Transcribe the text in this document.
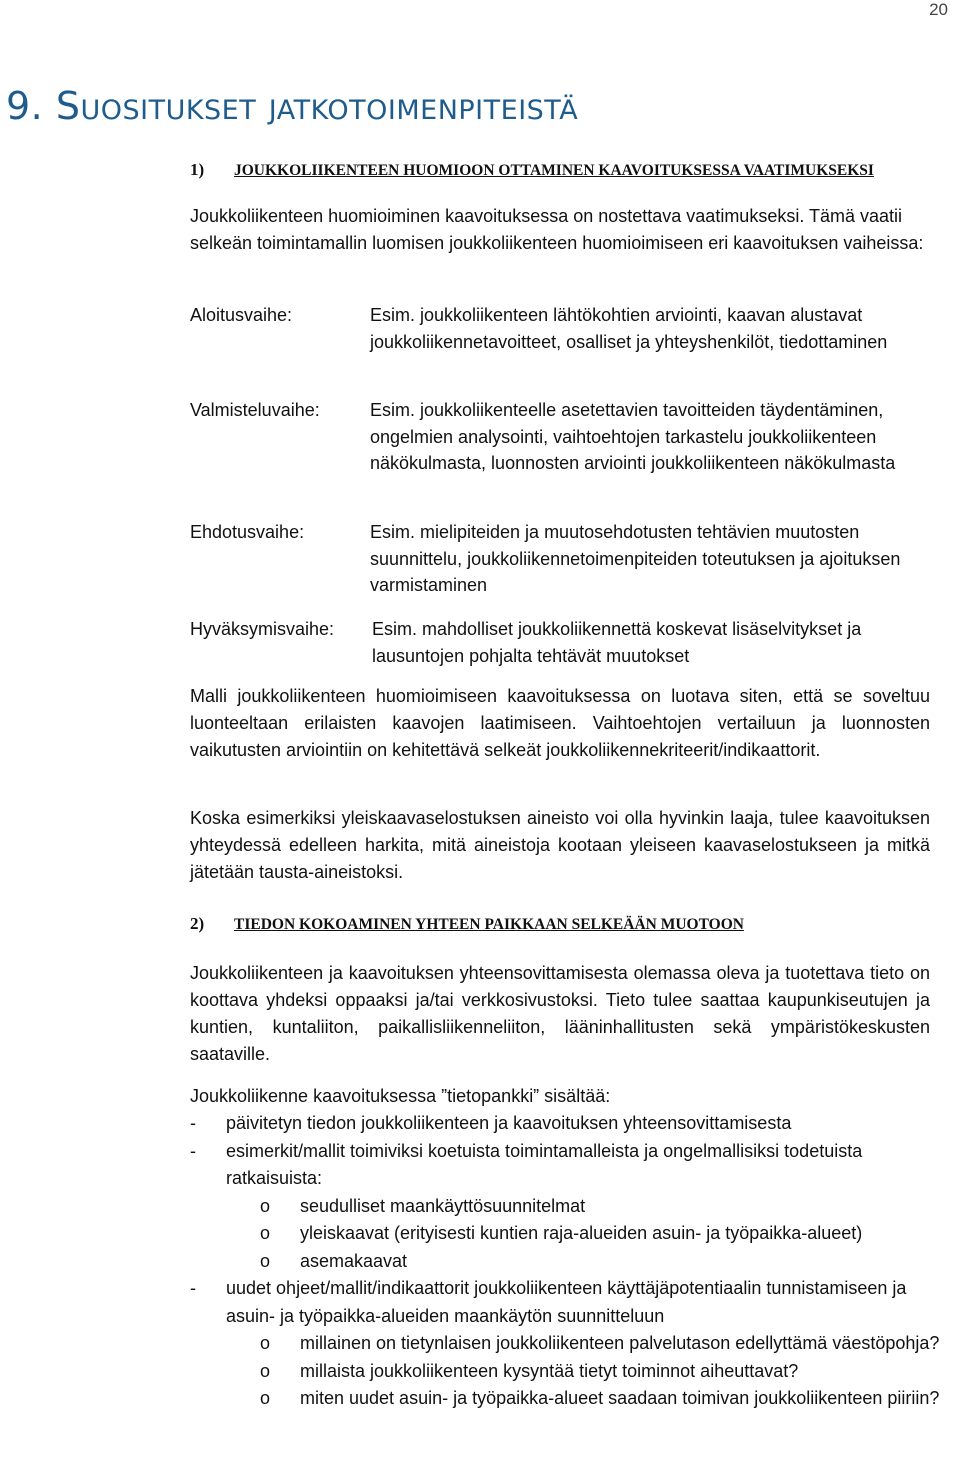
20
9. Suositukset jatkotoimenpiteistä
1) JOUKKOLIIKENTEEN HUOMIOON OTTAMINEN KAAVOITUKSESSA VAATIMUKSEKSI

Joukkoliikenteen huomioiminen kaavoituksessa on nostettava vaatimukseksi. Tämä vaatii selkeän toimintamallin luomisen joukkoliikenteen huomioimiseen eri kaavoituksen vaiheissa:

Aloitusvaihe:	Esim. joukkoliikenteen lähtökohtien arviointi, kaavan alustavat joukkoliikennetavoitteet, osalliset ja yhteyshenkilöt, tiedottaminen
Valmisteluvaihe:	Esim. joukkoliikenteelle asetettavien tavoitteiden täydentäminen, ongelmien analysointi, vaihtoehtojen tarkastelu joukkoliikenteen näkökulmasta, luonnosten arviointi joukkoliikenteen näkökulmasta
Ehdotusvaihe:	Esim. mielipiteiden ja muutosehdotusten tehtävien muutosten suunnittelu, joukkoliikennetoimenpiteiden toteutuksen ja ajoituksen varmistaminen
Hyväksymisvaihe: Esim. mahdolliset joukkoliikennettä koskevat lisäselvitykset ja lausuntojen pohjalta tehtävät muutokset

Malli joukkoliikenteen huomioimiseen kaavoituksessa on luotava siten, että se soveltuu luonteeltaan erilaisten kaavojen laatimiseen. Vaihtoehtojen vertailuun ja luonnosten vaikutusten arviointiin on kehitettävä selkeät joukkoliikennekriteerit/indikaattorit.

Koska esimerkiksi yleiskaavaselostuksen aineisto voi olla hyvinkin laaja, tulee kaavoituksen yhteydessä edelleen harkita, mitä aineistoja kootaan yleiseen kaavaselostukseen ja mitkä jätetään tausta-aineistoksi.

2) TIEDON KOKOAMINEN YHTEEN PAIKKAAN SELKEÄÄN MUOTOON

Joukkoliikenteen ja kaavoituksen yhteensovittamisesta olemassa oleva ja tuotettava tieto on koottava yhdeksi oppaaksi ja/tai verkkosivustoksi. Tieto tulee saattaa kaupunkiseutujen ja kuntien, kuntaliiton, paikallisliikenneliiton, lääninhallitusten sekä ympäristökeskusten saataville.

Joukkoliikenne kaavoituksessa ”tietopankki” sisältää:

- päivitetyn tiedon joukkoliikenteen ja kaavoituksen yhteensovittamisesta
- esimerkit/mallit toimiviksi koetuista toimintamalleista ja ongelmallisiksi todetuista ratkaisuista:
o seudulliset maankäyttösuunnitelmat
o yleiskaavat (erityisesti kuntien raja-alueiden asuin- ja työpaikka-alueet)
o asemakaavat
- uudet ohjeet/mallit/indikaattorit joukkoliikenteen käyttäjäpotentiaalin tunnistamiseen ja asuin- ja työpaikka-alueiden maankäytön suunnitteluun
o millainen on tietynlaisen joukkoliikenteen palvelutason edellyttämä väestöpohja?
o millaista joukkoliikenteen kysyntää tietyt toiminnot aiheuttavat?
o miten uudet asuin- ja työpaikka-alueet saadaan toimivan joukkoliikenteen piiriin?
